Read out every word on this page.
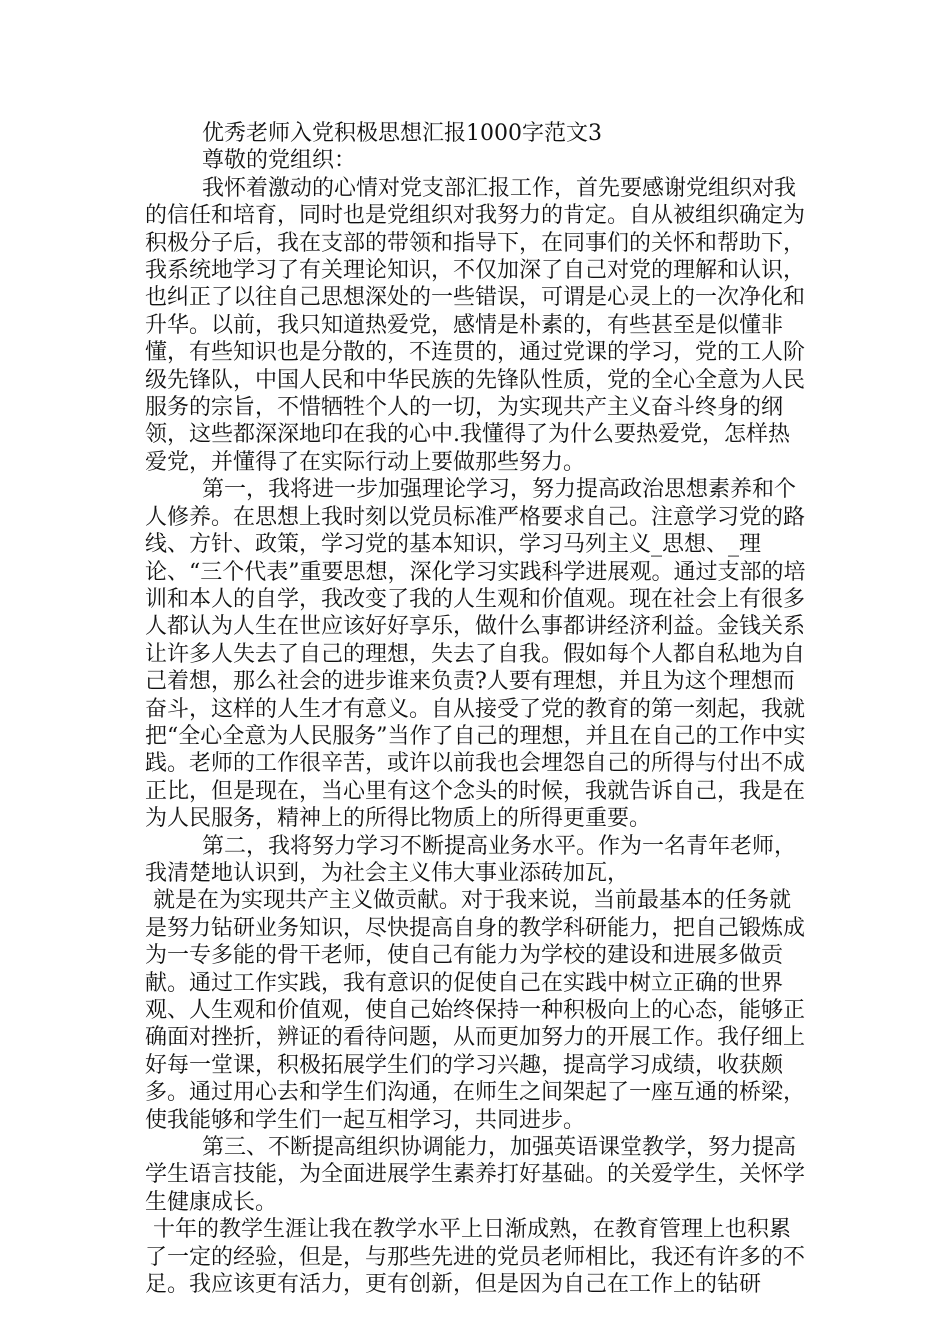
优秀老师入党积极思想汇报1000字范文3

尊敬的党组织：

我怀着激动的心情对党支部汇报工作，首先要感谢党组织对我的信任和培育，同时也是党组织对我努力的肯定。自从被组织确定为积极分子后，我在支部的带领和指导下，在同事们的关怀和帮助下，我系统地学习了有关理论知识，不仅加深了自己对党的理解和认识，也纠正了以往自己思想深处的一些错误，可谓是心灵上的一次净化和升华。以前，我只知道热爱党，感情是朴素的，有些甚至是似懂非懂，有些知识也是分散的，不连贯的，通过党课的学习，党的工人阶级先锋队，中国人民和中华民族的先锋队性质，党的全心全意为人民服务的宗旨，不惜牺牲个人的一切，为实现共产主义奋斗终身的纲领，这些都深深地印在我的心中.我懂得了为什么要热爱党，怎样热爱党，并懂得了在实际行动上要做那些努力。

第一，我将进一步加强理论学习，努力提高政治思想素养和个人修养。在思想上我时刻以党员标准严格要求自己。注意学习党的路线、方针、政策，学习党的基本知识，学习马列主义_思想、_理论、“三个代表”重要思想，深化学习实践科学进展观。通过支部的培训和本人的自学，我改变了我的人生观和价值观。现在社会上有很多人都认为人生在世应该好好享乐，做什么事都讲经济利益。金钱关系让许多人失去了自己的理想，失去了自我。假如每个人都自私地为自己着想，那么社会的进步谁来负责?人要有理想，并且为这个理想而奋斗，这样的人生才有意义。自从接受了党的教育的第一刻起，我就把“全心全意为人民服务”当作了自己的理想，并且在自己的工作中实践。老师的工作很辛苦，或许以前我也会埋怨自己的所得与付出不成正比，但是现在，当心里有这个念头的时候，我就告诉自己，我是在为人民服务，精神上的所得比物质上的所得更重要。

第二，我将努力学习不断提高业务水平。作为一名青年老师，我清楚地认识到，为社会主义伟大事业添砖加瓦，

就是在为实现共产主义做贡献。对于我来说，当前最基本的任务就是努力钻研业务知识，尽快提高自身的教学科研能力，把自己锻炼成为一专多能的骨干老师，使自己有能力为学校的建设和进展多做贡献。通过工作实践，我有意识的促使自己在实践中树立正确的世界观、人生观和价值观，使自己始终保持一种积极向上的心态，能够正确面对挫折，辨证的看待问题，从而更加努力的开展工作。我仔细上好每一堂课，积极拓展学生们的学习兴趣，提高学习成绩，收获颇多。通过用心去和学生们沟通，在师生之间架起了一座互通的桥梁，使我能够和学生们一起互相学习，共同进步。

第三、不断提高组织协调能力，加强英语课堂教学，努力提高学生语言技能，为全面进展学生素养打好基础。的关爱学生，关怀学生健康成长。

十年的教学生涯让我在教学水平上日渐成熟，在教育管理上也积累了一定的经验，但是，与那些先进的党员老师相比，我还有许多的不足。我应该更有活力，更有创新，但是因为自己在工作上的钻研
